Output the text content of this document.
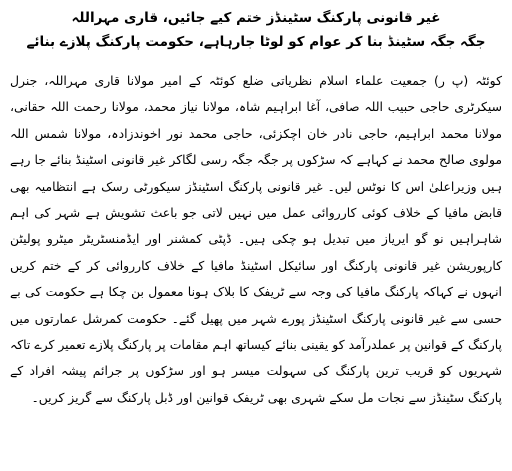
غیر قانونی پارکنگ سٹینڈز ختم کیے جائیں، قاری مہراللہ
جگہ جگہ سٹینڈ بنا کر عوام کو لوٹا جارہاہے، حکومت پارکنگ پلازے بنائے

کوئٹہ (پ ر) جمعیت علماء اسلام نظریاتی ضلع کوئٹہ کے امیر مولانا قاری مہراللہ، جنرل سیکرٹری حاجی حبیب اللہ صافی، آغا ابراہیم شاہ، مولانا نیاز محمد، مولانا رحمت اللہ حقانی، مولانا محمد ابراہیم، حاجی نادر خان اچکزئی، حاجی محمد نور اخوندزادہ، مولانا شمس اللہ مولوی صالح محمد نے کہاہے کہ سڑکوں پر جگہ جگہ رسی لگاکر غیر قانونی اسٹینڈ بنائے جا رہے ہیں وزیراعلیٰ اس کا نوٹس لیں۔ غیر قانونی پارکنگ اسٹینڈز سیکورٹی رسک ہے انتظامیہ بھی قابض مافیا کے خلاف کوئی کارروائی عمل میں نہیں لاتی جو باعث تشویش ہے شہر کی اہم شاہراہیں نو گو ایریاز میں تبدیل ہو چکی ہیں۔ ڈپٹی کمشنر اور ایڈمنسٹریٹر میٹرو پولیٹن کارپوریشن غیر قانونی پارکنگ اور سائیکل اسٹینڈ مافیا کے خلاف کارروائی کر کے ختم کریں انہوں نے کہاکہ پارکنگ مافیا کی وجہ سے ٹریفک کا بلاک ہونا معمول بن چکا ہے حکومت کی بے حسی سے غیر قانونی پارکنگ اسٹینڈز پورے شہر میں پھیل گئے۔ حکومت کمرشل عمارتوں میں پارکنگ کے قوانین پر عملدرآمد کو یقینی بنائے کیساتھ اہم مقامات پر پارکنگ پلازے تعمیر کرے تاکہ شہریوں کو قریب ترین پارکنگ کی سہولت میسر ہو اور سڑکوں پر جرائم پیشہ افراد کے پارکنگ سٹینڈز سے نجات مل سکے شہری بھی ٹریفک قوانین اور ڈبل پارکنگ سے گریز کریں۔
